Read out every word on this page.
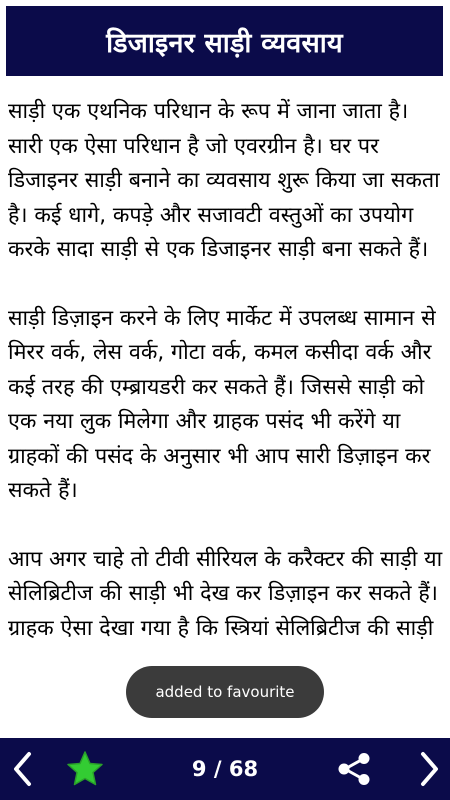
डिजाइनर साड़ी व्यवसाय

साड़ी एक एथनिक परिधान के रूप में जाना जाता है। सारी एक ऐसा परिधान है जो एवरग्रीन है। घर पर डिजाइनर साड़ी बनाने का व्यवसाय शुरू किया जा सकता है। कई धागे, कपड़े और सजावटी वस्तुओं का उपयोग करके सादा साड़ी से एक डिजाइनर साड़ी बना सकते हैं।

साड़ी डिज़ाइन करने के लिए मार्केट में उपलब्ध सामान से मिरर वर्क, लेस वर्क, गोटा वर्क, कमल कसीदा वर्क और कई तरह की एम्ब्रायडरी कर सकते हैं। जिससे साड़ी को एक नया लुक मिलेगा और ग्राहक पसंद भी करेंगे या ग्राहकों की पसंद के अनुसार भी आप सारी डिज़ाइन कर सकते हैं।

आप अगर चाहे तो टीवी सीरियल के करैक्टर की साड़ी या सेलिब्रिटीज की साड़ी भी देख कर डिज़ाइन कर सकते हैं। ग्राहक ऐसा देखा गया है कि स्त्रियां सेलिब्रिटीज की साड़ी

added to favourite
9 / 68
